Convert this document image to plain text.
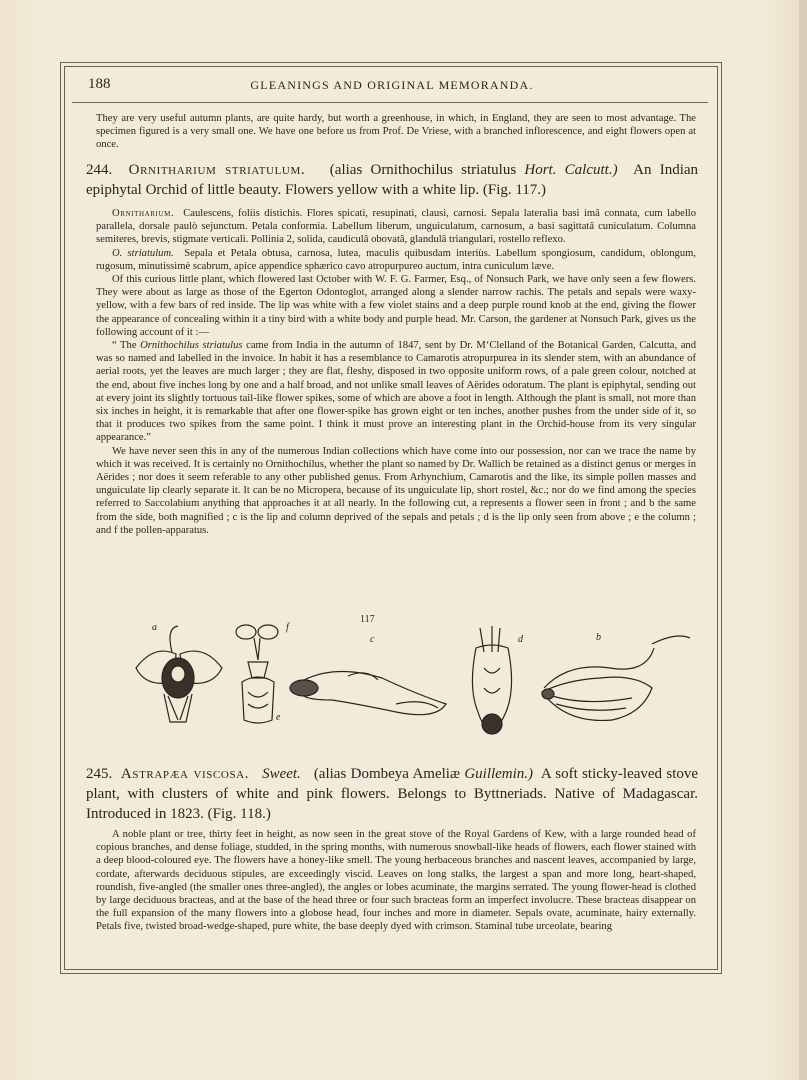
188	GLEANINGS AND ORIGINAL MEMORANDA.

They are very useful autumn plants, are quite hardy, but worth a greenhouse, in which, in England, they are seen to most advantage. The specimen figured is a very small one. We have one before us from Prof. De Vriese, with a branched inflorescence, and eight flowers open at once.

244. Ornitharium striatulum. (alias Ornithochilus striatulus Hort. Calcutt.) An Indian epiphytal Orchid of little beauty. Flowers yellow with a white lip. (Fig. 117.)

Ornitharium. Caulescens, foliis distichis. Flores spicati, resupinati, clausi, carnosi. Sepala lateralia basi imâ connata, cum labello parallela, dorsale paulò sejunctum. Petala conformia. Labellum liberum, unguiculatum, carnosum, a basi sagittatâ cuniculatum. Columna semiteres, brevis, stigmate verticali. Pollinia 2, solida, caudiculâ obovatâ, glandulâ triangulari, rostello reflexo.

O. striatulum. Sepala et Petala obtusa, carnosa, lutea, maculis quibusdam interiùs. Labellum spongiosum, candidum, oblongum, rugosum, minutissimè scabrum, apice appendice sphærico cavo atropurpureo auctum, intra cuniculum læve.

Of this curious little plant, which flowered last October with W. F. G. Farmer, Esq., of Nonsuch Park, we have only seen a few flowers. They were about as large as those of the Egerton Odontoglot, arranged along a slender narrow rachis. The petals and sepals were waxy-yellow, with a few bars of red inside. The lip was white with a few violet stains and a deep purple round knob at the end, giving the flower the appearance of concealing within it a tiny bird with a white body and purple head. Mr. Carson, the gardener at Nonsuch Park, gives us the following account of it :—

“ The Ornithochilus striatulus came from India in the autumn of 1847, sent by Dr. M‘Clelland of the Botanical Garden, Calcutta, and was so named and labelled in the invoice. In habit it has a resemblance to Camarotis atropurpurea in its slender stem, with an abundance of aerial roots, yet the leaves are much larger ; they are flat, fleshy, disposed in two opposite uniform rows, of a pale green colour, notched at the end, about five inches long by one and a half broad, and not unlike small leaves of Aërides odoratum. The plant is epiphytal, sending out at every joint its slightly tortuous tail-like flower spikes, some of which are above a foot in length. Although the plant is small, not more than six inches in height, it is remarkable that after one flower-spike has grown eight or ten inches, another pushes from the under side of it, so that it produces two spikes from the same point. I think it must prove an interesting plant in the Orchid-house from its very singular appearance.”

We have never seen this in any of the numerous Indian collections which have come into our possession, nor can we trace the name by which it was received. It is certainly no Ornithochilus, whether the plant so named by Dr. Wallich be retained as a distinct genus or merges in Aërides ; nor does it seem referable to any other published genus. From Arhynchium, Camarotis and the like, its simple pollen masses and unguiculate lip clearly separate it. It can be no Micropera, because of its unguiculate lip, short rostel, &c.; nor do we find among the species referred to Saccolabium anything that approaches it at all nearly. In the following cut, a represents a flower seen in front ; and b the same from the side, both magnified ; c is the lip and column deprived of the sepals and petals ; d is the lip only seen from above ; e the column ; and f the pollen-apparatus.

117
a	f
e
c	d	b

245. Astrapæa viscosa. Sweet. (alias Dombeya Ameliæ Guillemin.) A soft sticky-leaved stove plant, with clusters of white and pink flowers. Belongs to Byttneriads. Native of Madagascar. Introduced in 1823. (Fig. 118.)

A noble plant or tree, thirty feet in height, as now seen in the great stove of the Royal Gardens of Kew, with a large rounded head of copious branches, and dense foliage, studded, in the spring months, with numerous snowball-like heads of flowers, each flower stained with a deep blood-coloured eye. The flowers have a honey-like smell. The young herbaceous branches and nascent leaves, accompanied by large, cordate, afterwards deciduous stipules, are exceedingly viscid. Leaves on long stalks, the largest a span and more long, heart-shaped, roundish, five-angled (the smaller ones three-angled), the angles or lobes acuminate, the margins serrated. The young flower-head is clothed by large deciduous bracteas, and at the base of the head three or four such bracteas form an imperfect involucre. These bracteas disappear on the full expansion of the many flowers into a globose head, four inches and more in diameter. Sepals ovate, acuminate, hairy externally. Petals five, twisted broad-wedge-shaped, pure white, the base deeply dyed with crimson. Staminal tube urceolate, bearing
